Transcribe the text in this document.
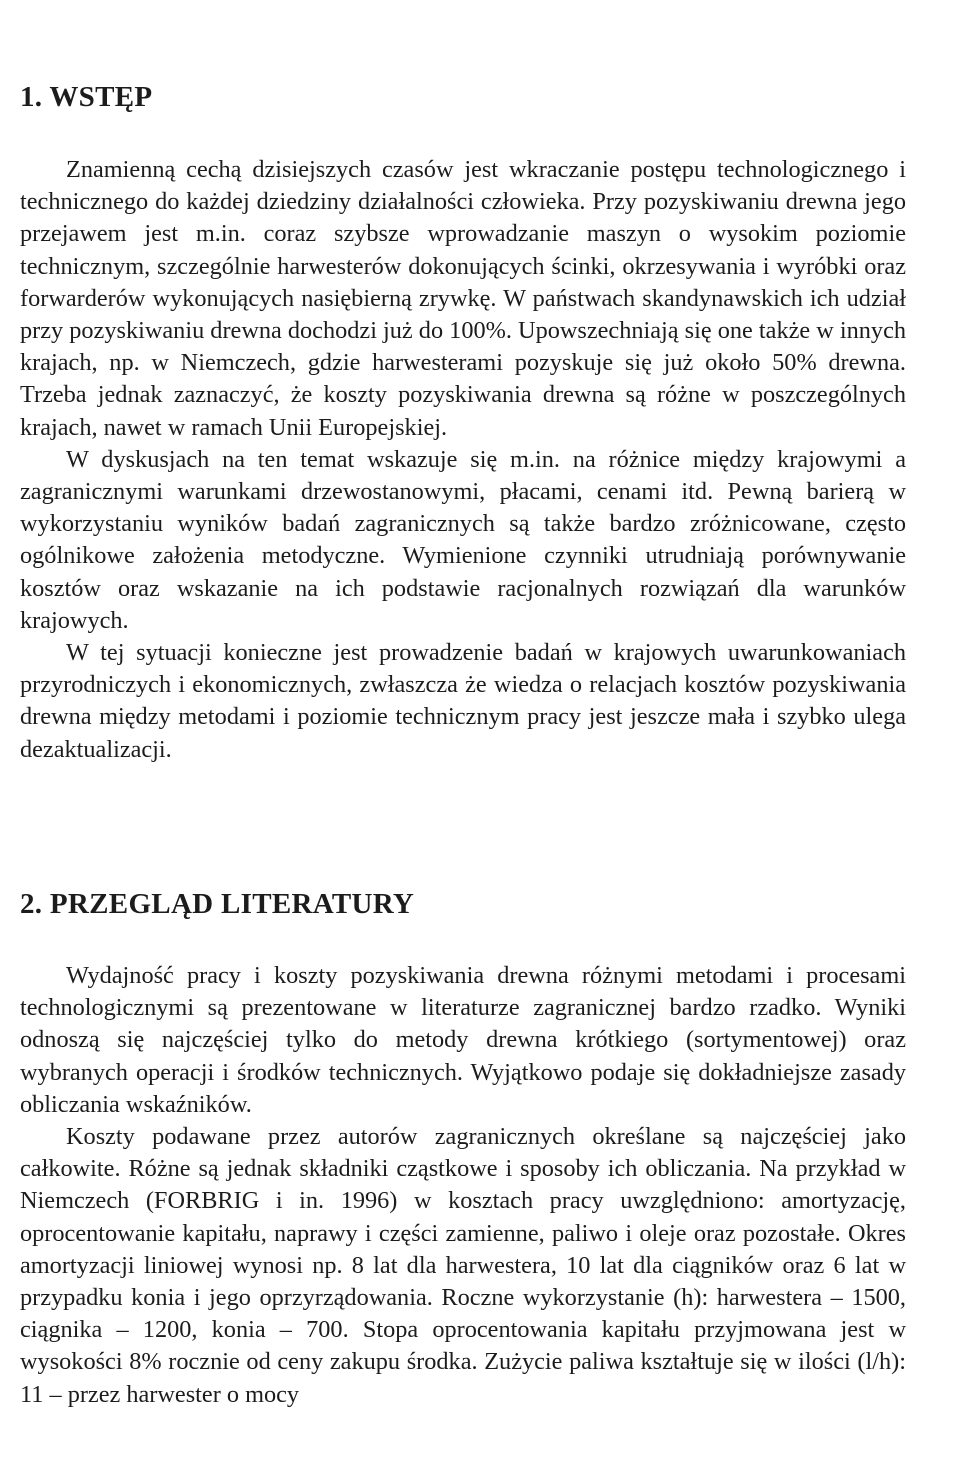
1. WSTĘP

Znamienną cechą dzisiejszych czasów jest wkraczanie postępu technologicznego i technicznego do każdej dziedziny działalności człowieka. Przy pozyskiwaniu drewna jego przejawem jest m.in. coraz szybsze wprowadzanie maszyn o wysokim poziomie technicznym, szczególnie harwesterów dokonujących ścinki, okrzesywania i wyróbki oraz forwarderów wykonujących nasiębierną zrywkę. W państwach skandynawskich ich udział przy pozyskiwaniu drewna dochodzi już do 100%. Upowszechniają się one także w innych krajach, np. w Niemczech, gdzie harwesterami pozyskuje się już około 50% drewna. Trzeba jednak zaznaczyć, że koszty pozyskiwania drewna są różne w poszczególnych krajach, nawet w ramach Unii Europejskiej.

W dyskusjach na ten temat wskazuje się m.in. na różnice między krajowymi a zagranicznymi warunkami drzewostanowymi, płacami, cenami itd. Pewną barierą w wykorzystaniu wyników badań zagranicznych są także bardzo zróżnicowane, często ogólnikowe założenia metodyczne. Wymienione czynniki utrudniają porównywanie kosztów oraz wskazanie na ich podstawie racjonalnych rozwiązań dla warunków krajowych.

W tej sytuacji konieczne jest prowadzenie badań w krajowych uwarunkowaniach przyrodniczych i ekonomicznych, zwłaszcza że wiedza o relacjach kosztów pozyskiwania drewna między metodami i poziomie technicznym pracy jest jeszcze mała i szybko ulega dezaktualizacji.

2. PRZEGLĄD LITERATURY

Wydajność pracy i koszty pozyskiwania drewna różnymi metodami i procesami technologicznymi są prezentowane w literaturze zagranicznej bardzo rzadko. Wyniki odnoszą się najczęściej tylko do metody drewna krótkiego (sortymentowej) oraz wybranych operacji i środków technicznych. Wyjątkowo podaje się dokładniejsze zasady obliczania wskaźników.

Koszty podawane przez autorów zagranicznych określane są najczęściej jako całkowite. Różne są jednak składniki cząstkowe i sposoby ich obliczania. Na przykład w Niemczech (FORBRIG i in. 1996) w kosztach pracy uwzględniono: amortyzację, oprocentowanie kapitału, naprawy i części zamienne, paliwo i oleje oraz pozostałe. Okres amortyzacji liniowej wynosi np. 8 lat dla harwestera, 10 lat dla ciągników oraz 6 lat w przypadku konia i jego oprzyrządowania. Roczne wykorzystanie (h): harwestera – 1500, ciągnika – 1200, konia – 700. Stopa oprocentowania kapitału przyjmowana jest w wysokości 8% rocznie od ceny zakupu środka. Zużycie paliwa kształtuje się w ilości (l/h): 11 – przez harwester o mocy
